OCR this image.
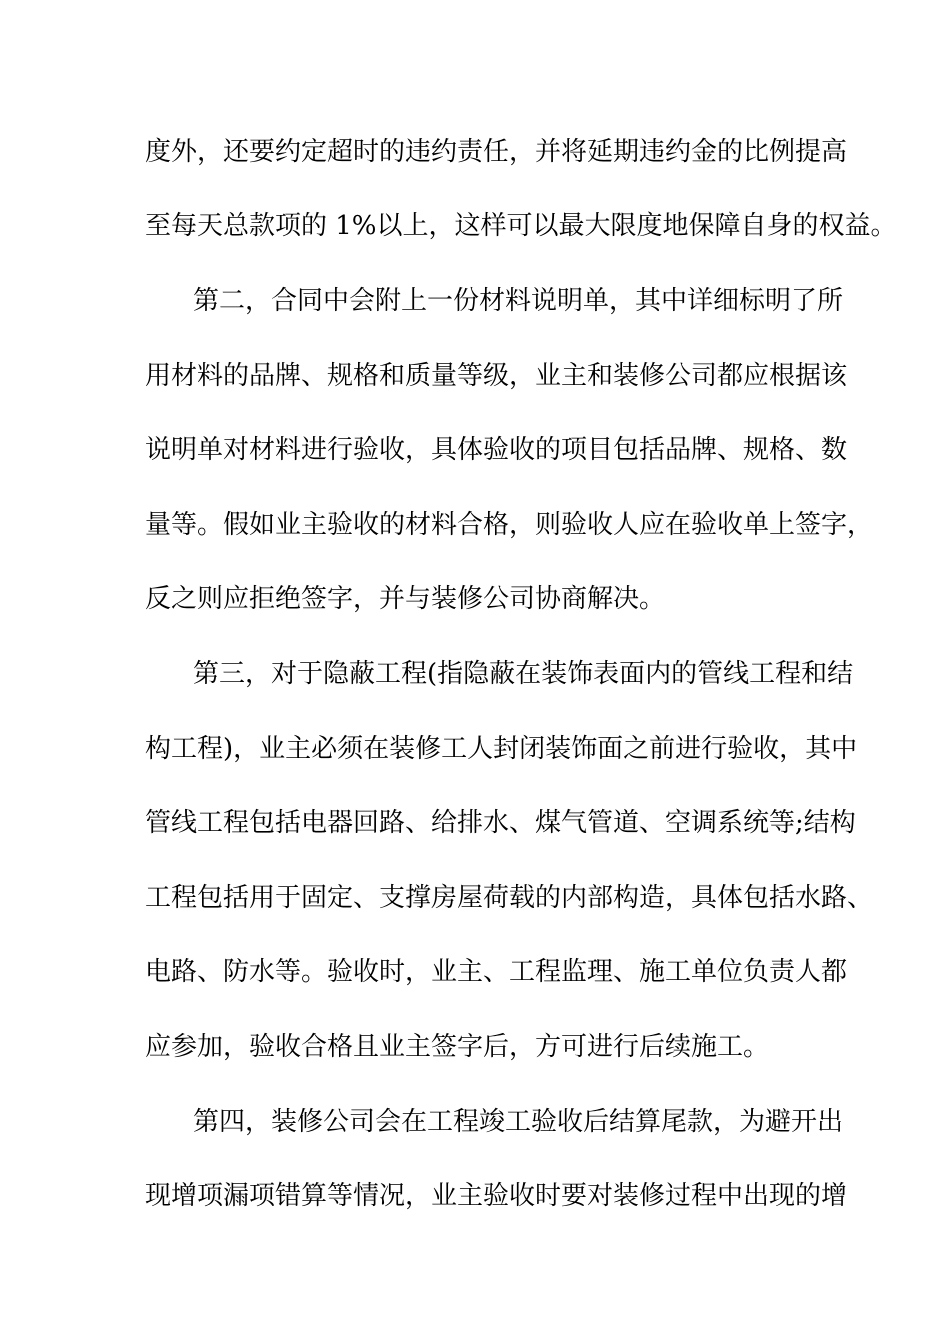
度外，还要约定超时的违约责任，并将延期违约金的比例提高
至每天总款项的 1%以上，这样可以最大限度地保障自身的权益。
第二，合同中会附上一份材料说明单，其中详细标明了所
用材料的品牌、规格和质量等级，业主和装修公司都应根据该
说明单对材料进行验收，具体验收的项目包括品牌、规格、数
量等。假如业主验收的材料合格，则验收人应在验收单上签字，
反之则应拒绝签字，并与装修公司协商解决。
第三，对于隐蔽工程(指隐蔽在装饰表面内的管线工程和结
构工程)，业主必须在装修工人封闭装饰面之前进行验收，其中
管线工程包括电器回路、给排水、煤气管道、空调系统等;结构
工程包括用于固定、支撑房屋荷载的内部构造，具体包括水路、
电路、防水等。验收时，业主、工程监理、施工单位负责人都
应参加，验收合格且业主签字后，方可进行后续施工。
第四，装修公司会在工程竣工验收后结算尾款，为避开出
现增项漏项错算等情况，业主验收时要对装修过程中出现的增
